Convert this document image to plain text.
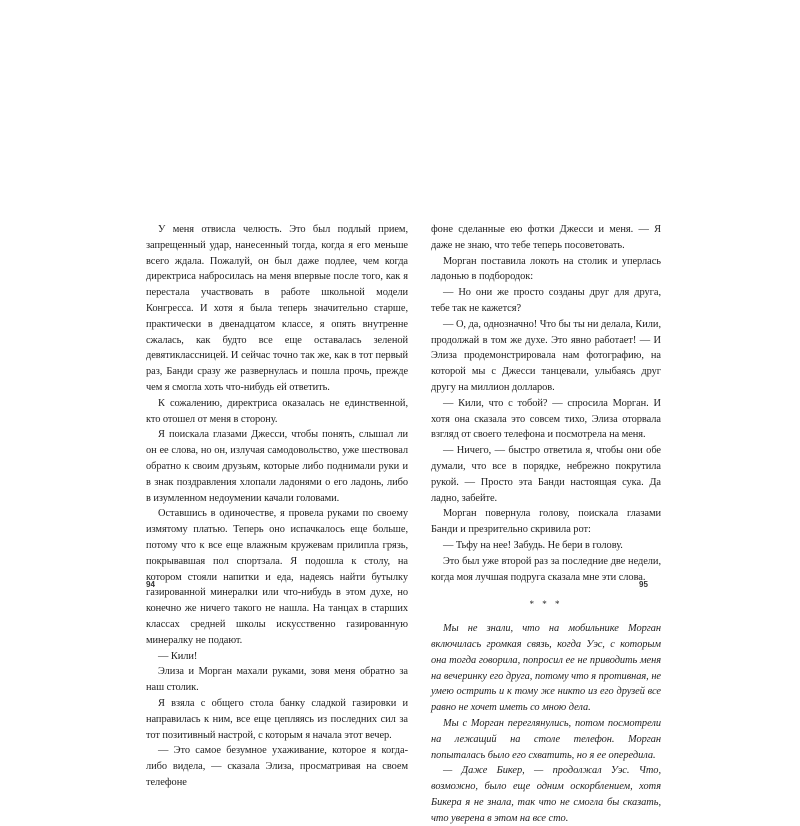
У меня отвисла челюсть. Это был подлый прием, запрещенный удар, нанесенный тогда, когда я его меньше всего ждала. Пожалуй, он был даже подлее, чем когда директриса набросилась на меня впервые после того, как я перестала участвовать в работе школьной модели Конгресса. И хотя я была теперь значительно старше, практически в двенадцатом классе, я опять внутренне сжалась, как будто все еще оставалась зеленой девятиклассницей. И сейчас точно так же, как в тот первый раз, Банди сразу же развернулась и пошла прочь, прежде чем я смогла хоть что-нибудь ей ответить.

К сожалению, директриса оказалась не единственной, кто отошел от меня в сторону.

Я поискала глазами Джесси, чтобы понять, слышал ли он ее слова, но он, излучая самодовольство, уже шествовал обратно к своим друзьям, которые либо поднимали руки и в знак поздравления хлопали ладонями о его ладонь, либо в изумленном недоумении качали головами.

Оставшись в одиночестве, я провела руками по своему измятому платью. Теперь оно испачкалось еще больше, потому что к все еще влажным кружевам прилипла грязь, покрывавшая пол спортзала. Я подошла к столу, на котором стояли напитки и еда, надеясь найти бутылку газированной минералки или что-нибудь в этом духе, но конечно же ничего такого не нашла. На танцах в старших классах средней школы искусственно газированную минералку не подают.

— Кили!

Элиза и Морган махали руками, зовя меня обратно за наш столик.

Я взяла с общего стола банку сладкой газировки и направилась к ним, все еще цепляясь из последних сил за тот позитивный настрой, с которым я начала этот вечер.

— Это самое безумное ухаживание, которое я когда-либо видела, — сказала Элиза, просматривая на своем телефоне

фоне сделанные ею фотки Джесси и меня. — Я даже не знаю, что тебе теперь посоветовать.

Морган поставила локоть на столик и уперлась ладонью в подбородок:

— Но они же просто созданы друг для друга, тебе так не кажется?

— О, да, однозначно! Что бы ты ни делала, Кили, продолжай в том же духе. Это явно работает! — И Элиза продемонстрировала нам фотографию, на которой мы с Джесси танцевали, улыбаясь друг другу на миллион долларов.

— Кили, что с тобой? — спросила Морган. И хотя она сказала это совсем тихо, Элиза оторвала взгляд от своего телефона и посмотрела на меня.

— Ничего, — быстро ответила я, чтобы они обе думали, что все в порядке, небрежно покрутила рукой. — Просто эта Банди настоящая сука. Да ладно, забейте.

Морган повернула голову, поискала глазами Банди и презрительно скривила рот:

— Тьфу на нее! Забудь. Не бери в голову.

Это был уже второй раз за последние две недели, когда моя лучшая подруга сказала мне эти слова.

* * *

Мы не знали, что на мобильнике Морган включилась громкая связь, когда Уэс, с которым она тогда говорила, попросил ее не приводить меня на вечеринку его друга, потому что я противная, не умею острить и к тому же никто из его друзей все равно не хочет иметь со мною дела.

Мы с Морган переглянулись, потом посмотрели на лежащий на столе телефон. Морган попыталась было его схватить, но я ее опередила.

— Даже Бикер, — продолжал Уэс. Что, возможно, было еще одним оскорблением, хотя Бикера я не знала, так что не смогла бы сказать, что уверена в этом на все сто.

94	95
